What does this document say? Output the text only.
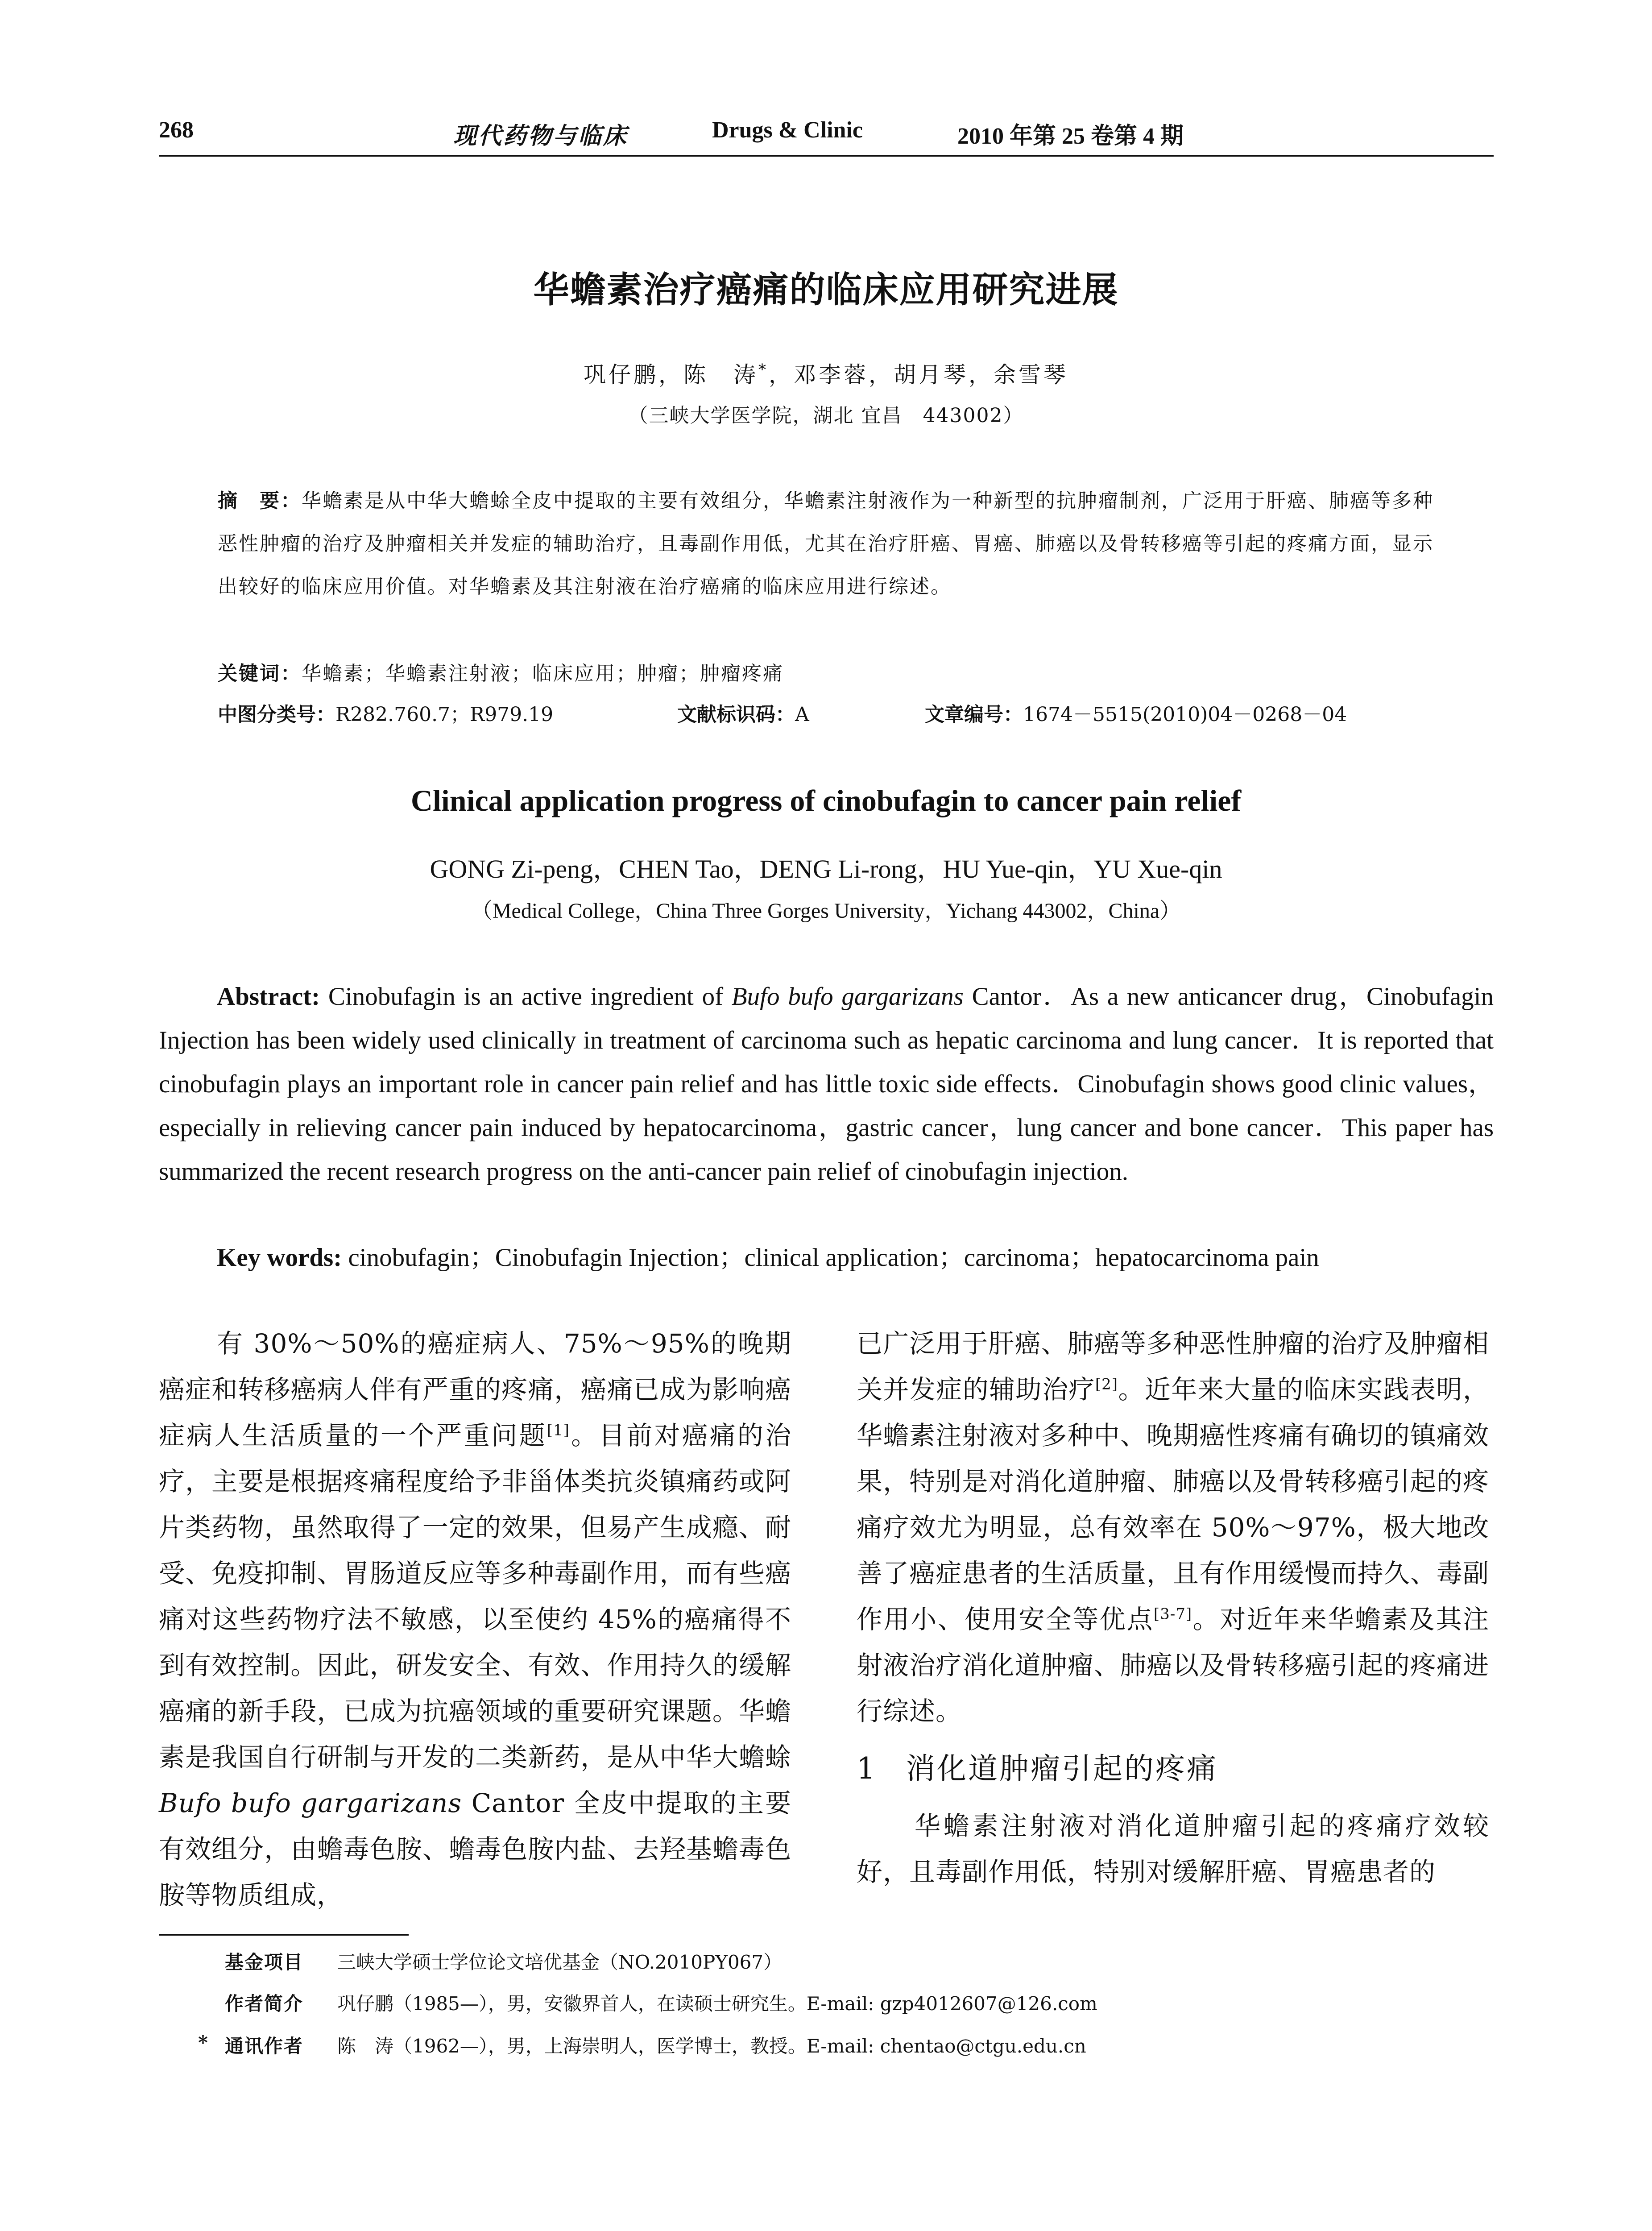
268	现代药物与临床	Drugs & Clinic	2010 年第 25 卷第 4 期
华蟾素治疗癌痛的临床应用研究进展
巩仔鹏，陈　涛*，邓李蓉，胡月琴，余雪琴
（三峡大学医学院，湖北 宜昌　443002）
摘　要：华蟾素是从中华大蟾蜍全皮中提取的主要有效组分，华蟾素注射液作为一种新型的抗肿瘤制剂，广泛用于肝癌、肺癌等多种恶性肿瘤的治疗及肿瘤相关并发症的辅助治疗，且毒副作用低，尤其在治疗肝癌、胃癌、肺癌以及骨转移癌等引起的疼痛方面，显示出较好的临床应用价值。对华蟾素及其注射液在治疗癌痛的临床应用进行综述。
关键词：华蟾素；华蟾素注射液；临床应用；肿瘤；肿瘤疼痛
中图分类号：R282.760.7；R979.19	文献标识码：A	文章编号：1674－5515(2010)04－0268－04
Clinical application progress of cinobufagin to cancer pain relief
GONG Zi-peng，CHEN Tao，DENG Li-rong，HU Yue-qin，YU Xue-qin
（Medical College，China Three Gorges University，Yichang 443002，China）
Abstract: Cinobufagin is an active ingredient of Bufo bufo gargarizans Cantor．As a new anticancer drug，Cinobufagin Injection has been widely used clinically in treatment of carcinoma such as hepatic carcinoma and lung cancer．It is reported that cinobufagin plays an important role in cancer pain relief and has little toxic side effects．Cinobufagin shows good clinic values，especially in relieving cancer pain induced by hepatocarcinoma，gastric cancer，lung cancer and bone cancer．This paper has summarized the recent research progress on the anti-cancer pain relief of cinobufagin injection.
Key words: cinobufagin；Cinobufagin Injection；clinical application；carcinoma；hepatocarcinoma pain

有 30%～50%的癌症病人、75%～95%的晚期癌症和转移癌病人伴有严重的疼痛，癌痛已成为影响癌症病人生活质量的一个严重问题[1]。目前对癌痛的治疗，主要是根据疼痛程度给予非甾体类抗炎镇痛药或阿片类药物，虽然取得了一定的效果，但易产生成瘾、耐受、免疫抑制、胃肠道反应等多种毒副作用，而有些癌痛对这些药物疗法不敏感，以至使约 45%的癌痛得不到有效控制。因此，研发安全、有效、作用持久的缓解癌痛的新手段，已成为抗癌领域的重要研究课题。华蟾素是我国自行研制与开发的二类新药，是从中华大蟾蜍 Bufo bufo gargarizans Cantor 全皮中提取的主要有效组分，由蟾毒色胺、蟾毒色胺内盐、去羟基蟾毒色胺等物质组成，

已广泛用于肝癌、肺癌等多种恶性肿瘤的治疗及肿瘤相关并发症的辅助治疗[2]。近年来大量的临床实践表明，华蟾素注射液对多种中、晚期癌性疼痛有确切的镇痛效果，特别是对消化道肿瘤、肺癌以及骨转移癌引起的疼痛疗效尤为明显，总有效率在 50%～97%，极大地改善了癌症患者的生活质量，且有作用缓慢而持久、毒副作用小、使用安全等优点[3-7]。对近年来华蟾素及其注射液治疗消化道肿瘤、肺癌以及骨转移癌引起的疼痛进行综述。

1 消化道肿瘤引起的疼痛

华蟾素注射液对消化道肿瘤引起的疼痛疗效较好，且毒副作用低，特别对缓解肝癌、胃癌患者的

基金项目 三峡大学硕士学位论文培优基金（NO.2010PY067）
作者简介 巩仔鹏（1985—），男，安徽界首人，在读硕士研究生。E-mail: gzp4012607@126.com
* 通讯作者 陈　涛（1962—），男，上海崇明人，医学博士，教授。E-mail: chentao@ctgu.edu.cn
